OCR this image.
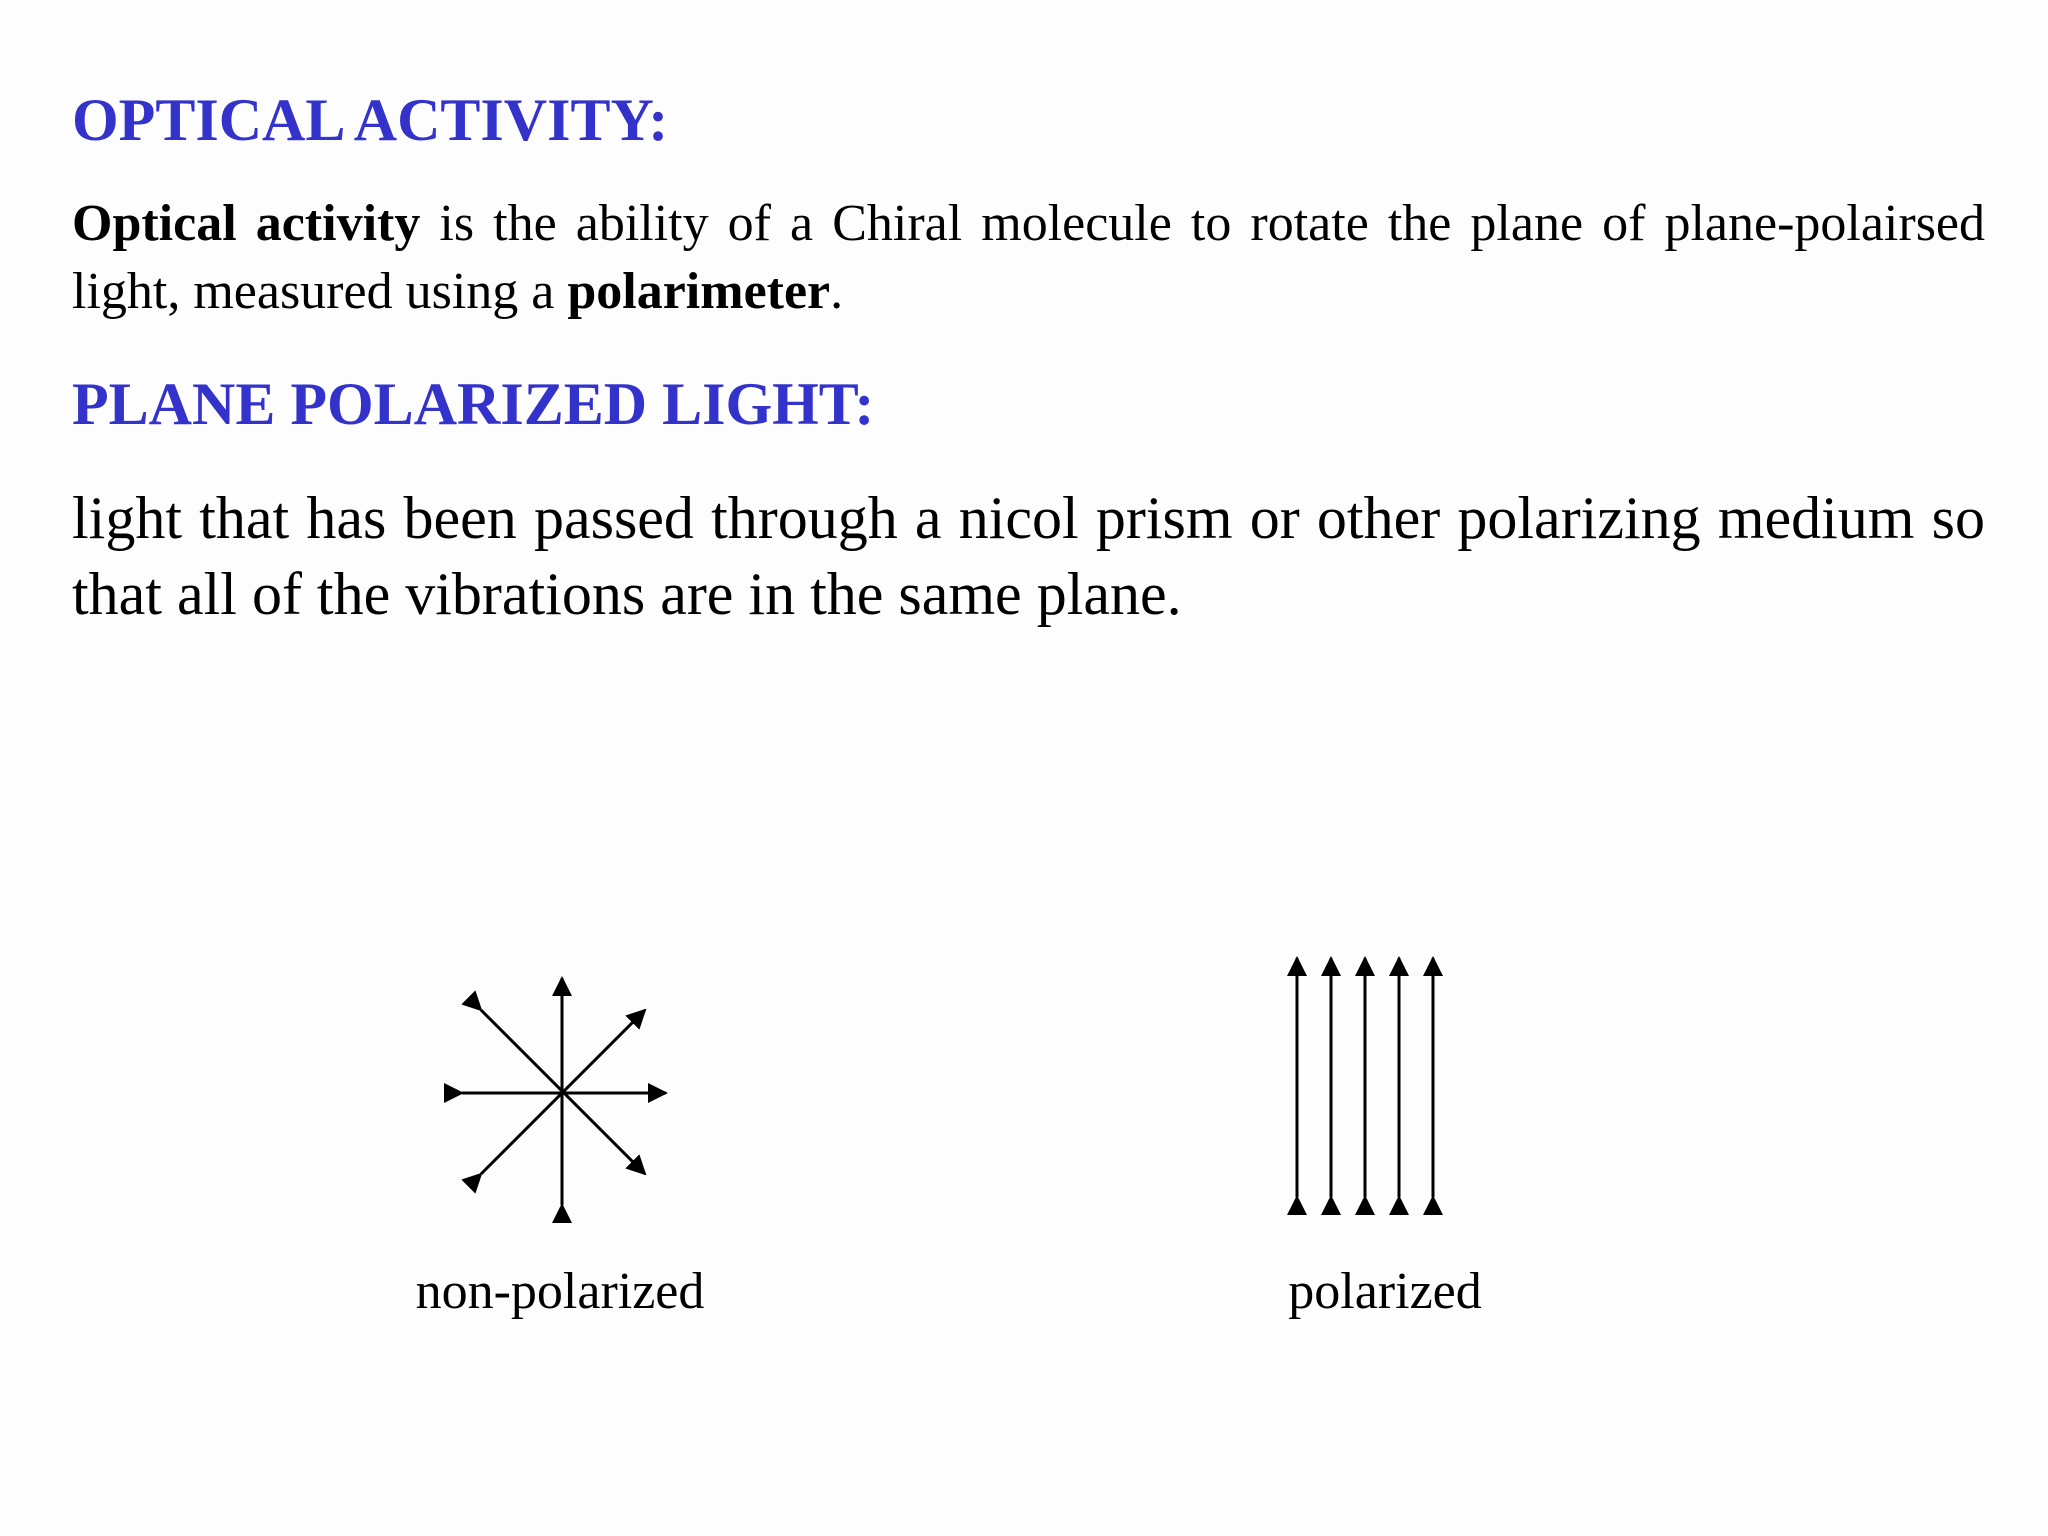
OPTICAL ACTIVITY:

Optical activity is the ability of a Chiral molecule to rotate the plane of plane-polairsed light, measured using a polarimeter.

PLANE POLARIZED LIGHT:

light that has been passed through a nicol prism or other polarizing medium so that all of the vibrations are in the same plane.

non-polarized	polarized
